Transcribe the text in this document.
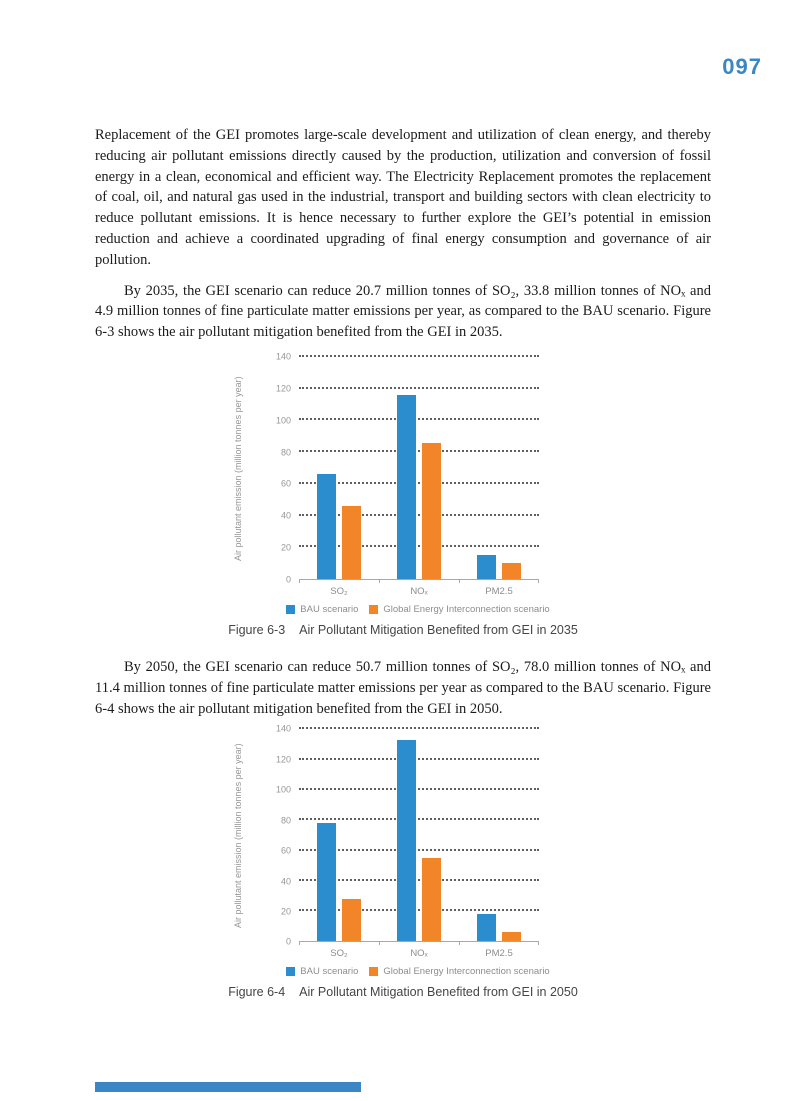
097

Replacement of the GEI promotes large-scale development and utilization of clean energy, and thereby reducing air pollutant emissions directly caused by the production, utilization and conversion of fossil energy in a clean, economical and efficient way. The Electricity Replacement promotes the replacement of coal, oil, and natural gas used in the industrial, transport and building sectors with clean electricity to reduce pollutant emissions. It is hence necessary to further explore the GEI’s potential in emission reduction and achieve a coordinated upgrading of final energy consumption and governance of air pollution.

By 2035, the GEI scenario can reduce 20.7 million tonnes of SO₂, 33.8 million tonnes of NOₓ and 4.9 million tonnes of fine particulate matter emissions per year, as compared to the BAU scenario. Figure 6-3 shows the air pollutant mitigation benefited from the GEI in 2035.

Air pollutant emission (million tonnes per year)
0
20
40
60
80
100
120
140
SO₂	NOₓ	PM2.5
BAU scenario	Global Energy Interconnection scenario
Figure 6-3 Air Pollutant Mitigation Benefited from GEI in 2035

By 2050, the GEI scenario can reduce 50.7 million tonnes of SO₂, 78.0 million tonnes of NOₓ and 11.4 million tonnes of fine particulate matter emissions per year as compared to the BAU scenario. Figure 6-4 shows the air pollutant mitigation benefited from the GEI in 2050.

Air pollutant emission (million tonnes per year)
0
20
40
60
80
100
120
140
SO₂	NOₓ	PM2.5
BAU scenario	Global Energy Interconnection scenario
Figure 6-4 Air Pollutant Mitigation Benefited from GEI in 2050
